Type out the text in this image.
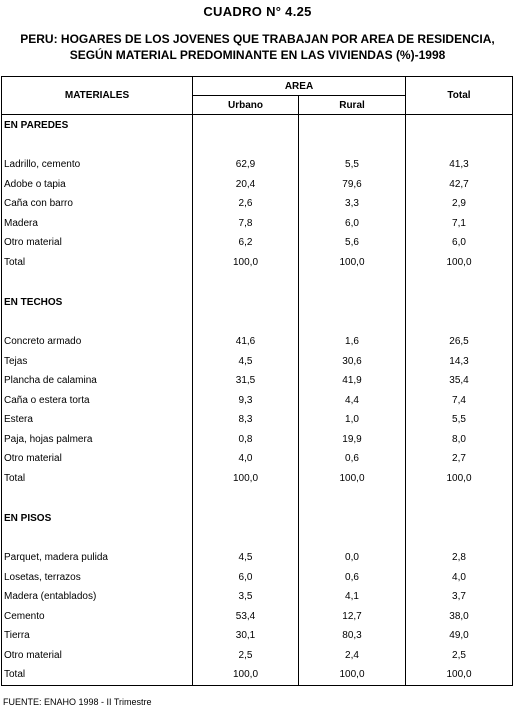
CUADRO N° 4.25
PERU: HOGARES DE LOS JOVENES QUE TRABAJAN POR AREA DE RESIDENCIA,
SEGÚN MATERIAL PREDOMINANTE EN LAS VIVIENDAS (%)-1998
MATERIALES	AREA		Total
	Urbano	Rural	
EN PAREDES			

Ladrillo, cemento	62,9	5,5	41,3
Adobe o tapia	20,4	79,6	42,7
Caña con barro	2,6	3,3	2,9
Madera	7,8	6,0	7,1
Otro material	6,2	5,6	6,0
Total	100,0	100,0	100,0

EN TECHOS			

Concreto armado	41,6	1,6	26,5
Tejas	4,5	30,6	14,3
Plancha de calamina	31,5	41,9	35,4
Caña o estera torta	9,3	4,4	7,4
Estera	8,3	1,0	5,5
Paja, hojas palmera	0,8	19,9	8,0
Otro material	4,0	0,6	2,7
Total	100,0	100,0	100,0

EN PISOS			

Parquet, madera pulida	4,5	0,0	2,8
Losetas, terrazos	6,0	0,6	4,0
Madera (entablados)	3,5	4,1	3,7
Cemento	53,4	12,7	38,0
Tierra	30,1	80,3	49,0
Otro material	2,5	2,4	2,5
Total	100,0	100,0	100,0
FUENTE: ENAHO 1998 - II Trimestre
